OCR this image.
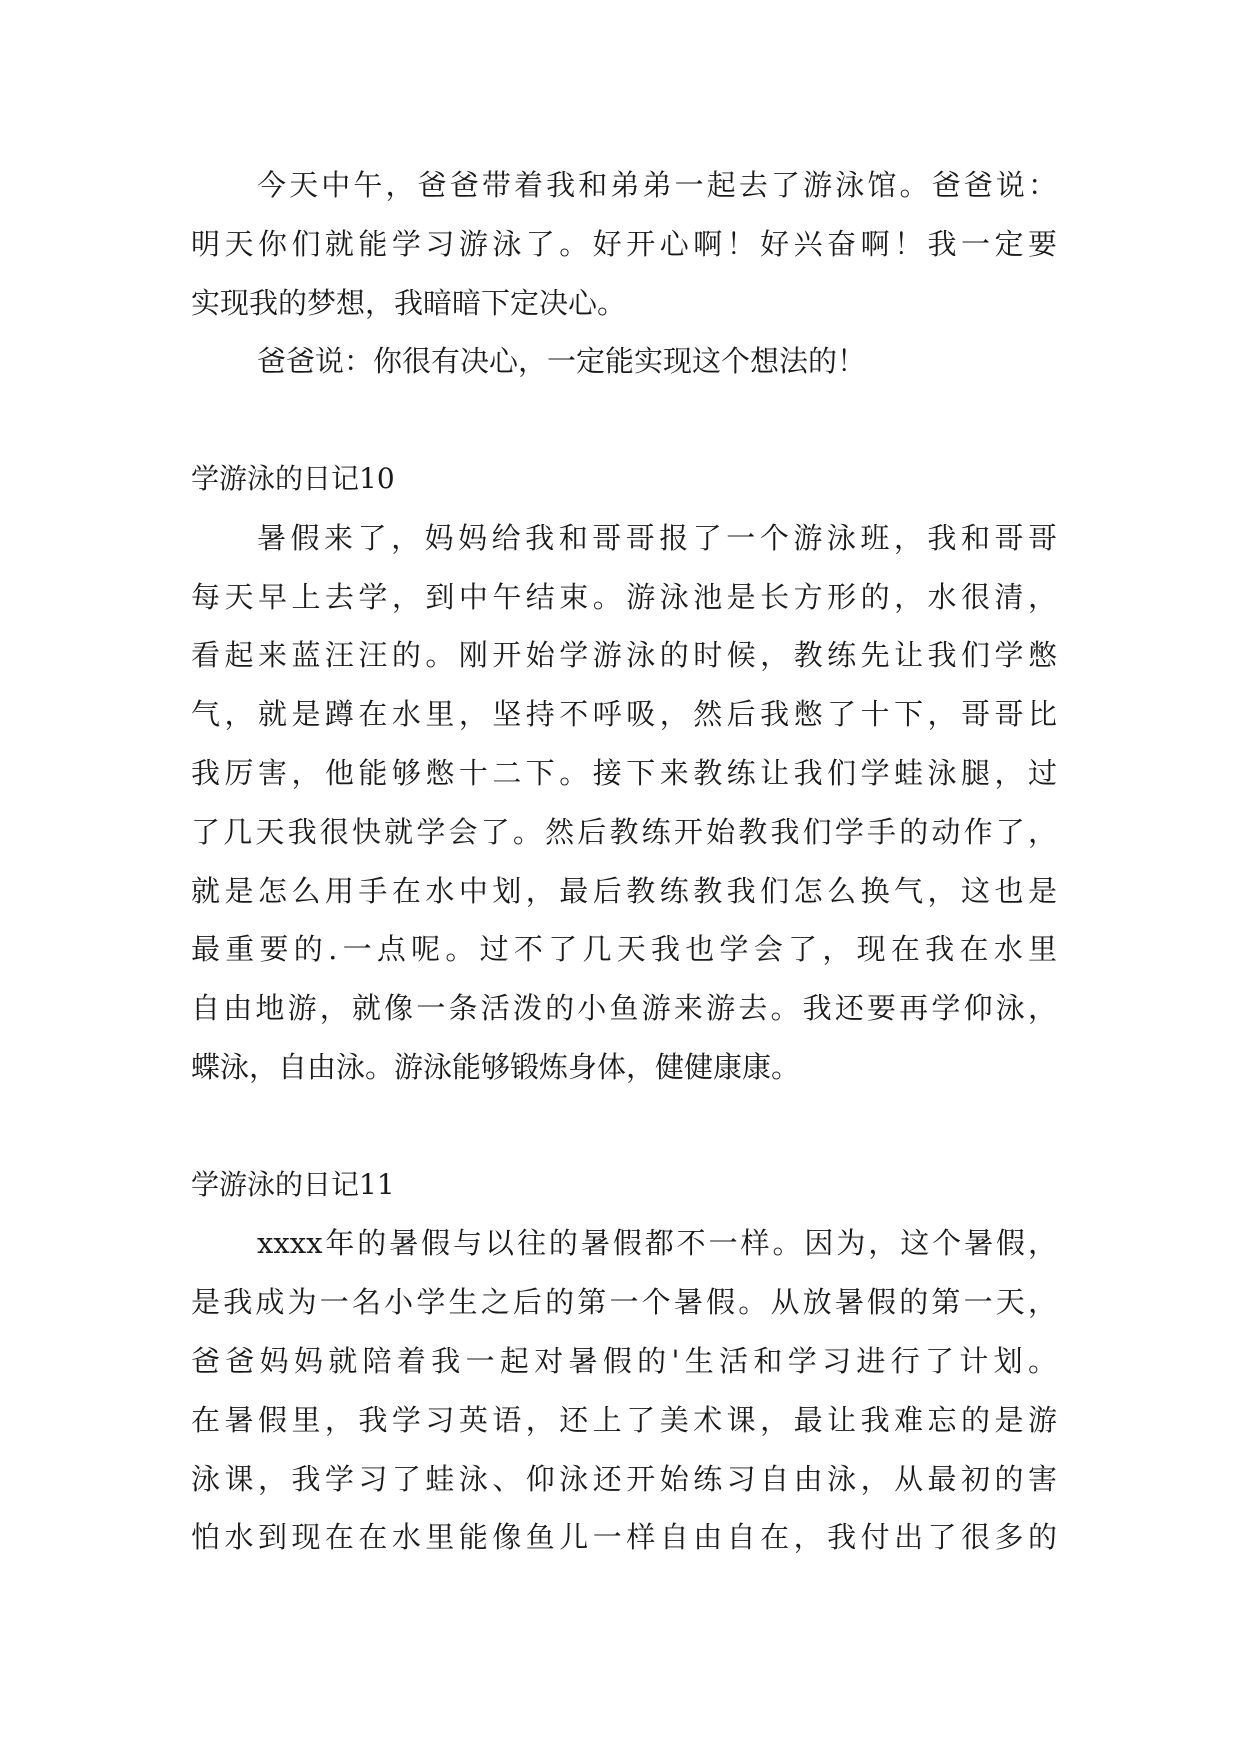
今天中午，爸爸带着我和弟弟一起去了游泳馆。爸爸说：
明天你们就能学习游泳了。好开心啊！好兴奋啊！我一定要
实现我的梦想，我暗暗下定决心。
爸爸说：你很有决心，一定能实现这个想法的！
学游泳的日记10
暑假来了，妈妈给我和哥哥报了一个游泳班，我和哥哥
每天早上去学，到中午结束。游泳池是长方形的，水很清，
看起来蓝汪汪的。刚开始学游泳的时候，教练先让我们学憋
气，就是蹲在水里，坚持不呼吸，然后我憋了十下，哥哥比
我厉害，他能够憋十二下。接下来教练让我们学蛙泳腿，过
了几天我很快就学会了。然后教练开始教我们学手的动作了，
就是怎么用手在水中划，最后教练教我们怎么换气，这也是
最重要的.一点呢。过不了几天我也学会了，现在我在水里
自由地游，就像一条活泼的小鱼游来游去。我还要再学仰泳，
蝶泳，自由泳。游泳能够锻炼身体，健健康康。
学游泳的日记11
xxxx年的暑假与以往的暑假都不一样。因为，这个暑假，
是我成为一名小学生之后的第一个暑假。从放暑假的第一天，
爸爸妈妈就陪着我一起对暑假的'生活和学习进行了计划。
在暑假里，我学习英语，还上了美术课，最让我难忘的是游
泳课，我学习了蛙泳、仰泳还开始练习自由泳，从最初的害
怕水到现在在水里能像鱼儿一样自由自在，我付出了很多的
